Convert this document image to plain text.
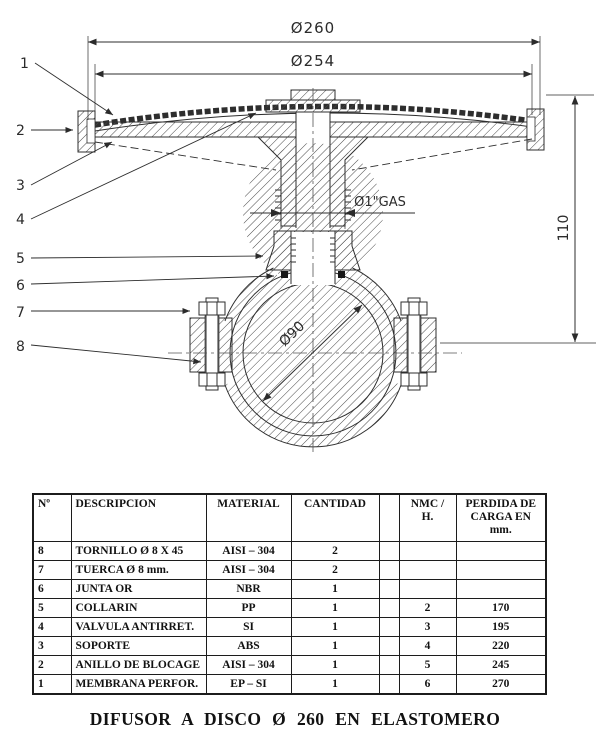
Ø260
Ø254
Ø1"GAS
110
Ø90
1
2
3
4
5
6
7
8
Nº	DESCRIPCION	MATERIAL	CANTIDAD		NMC / H.	PERDIDA DE CARGA EN mm.
8	TORNILLO Ø 8 X 45	AISI – 304	2			
7	TUERCA Ø 8 mm.	AISI – 304	2			
6	JUNTA OR	NBR	1			
5	COLLARIN	PP	1		2	170
4	VALVULA ANTIRRET.	SI	1		3	195
3	SOPORTE	ABS	1		4	220
2	ANILLO DE BLOCAGE	AISI – 304	1		5	245
1	MEMBRANA PERFOR.	EP – SI	1		6	270
DIFUSOR A DISCO Ø 260 EN ELASTOMERO
